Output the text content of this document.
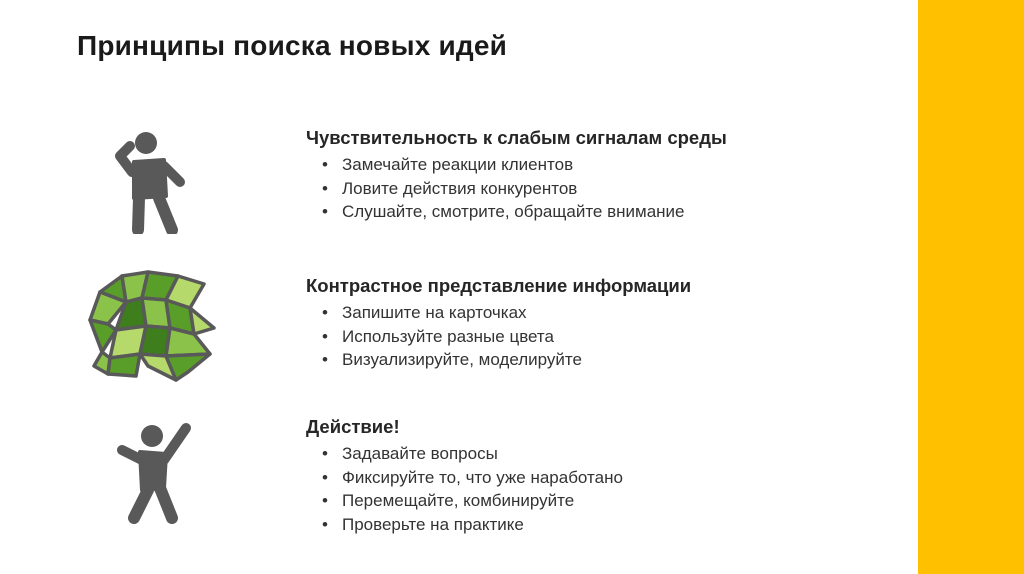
Принципы поиска новых идей
Чувствительность к слабым сигналам среды
• Замечайте реакции клиентов
• Ловите действия конкурентов
• Слушайте, смотрите, обращайте внимание
Контрастное представление информации
• Запишите на карточках
• Используйте разные цвета
• Визуализируйте, моделируйте
Действие!
• Задавайте вопросы
• Фиксируйте то, что уже наработано
• Перемещайте, комбинируйте
• Проверьте на практике
